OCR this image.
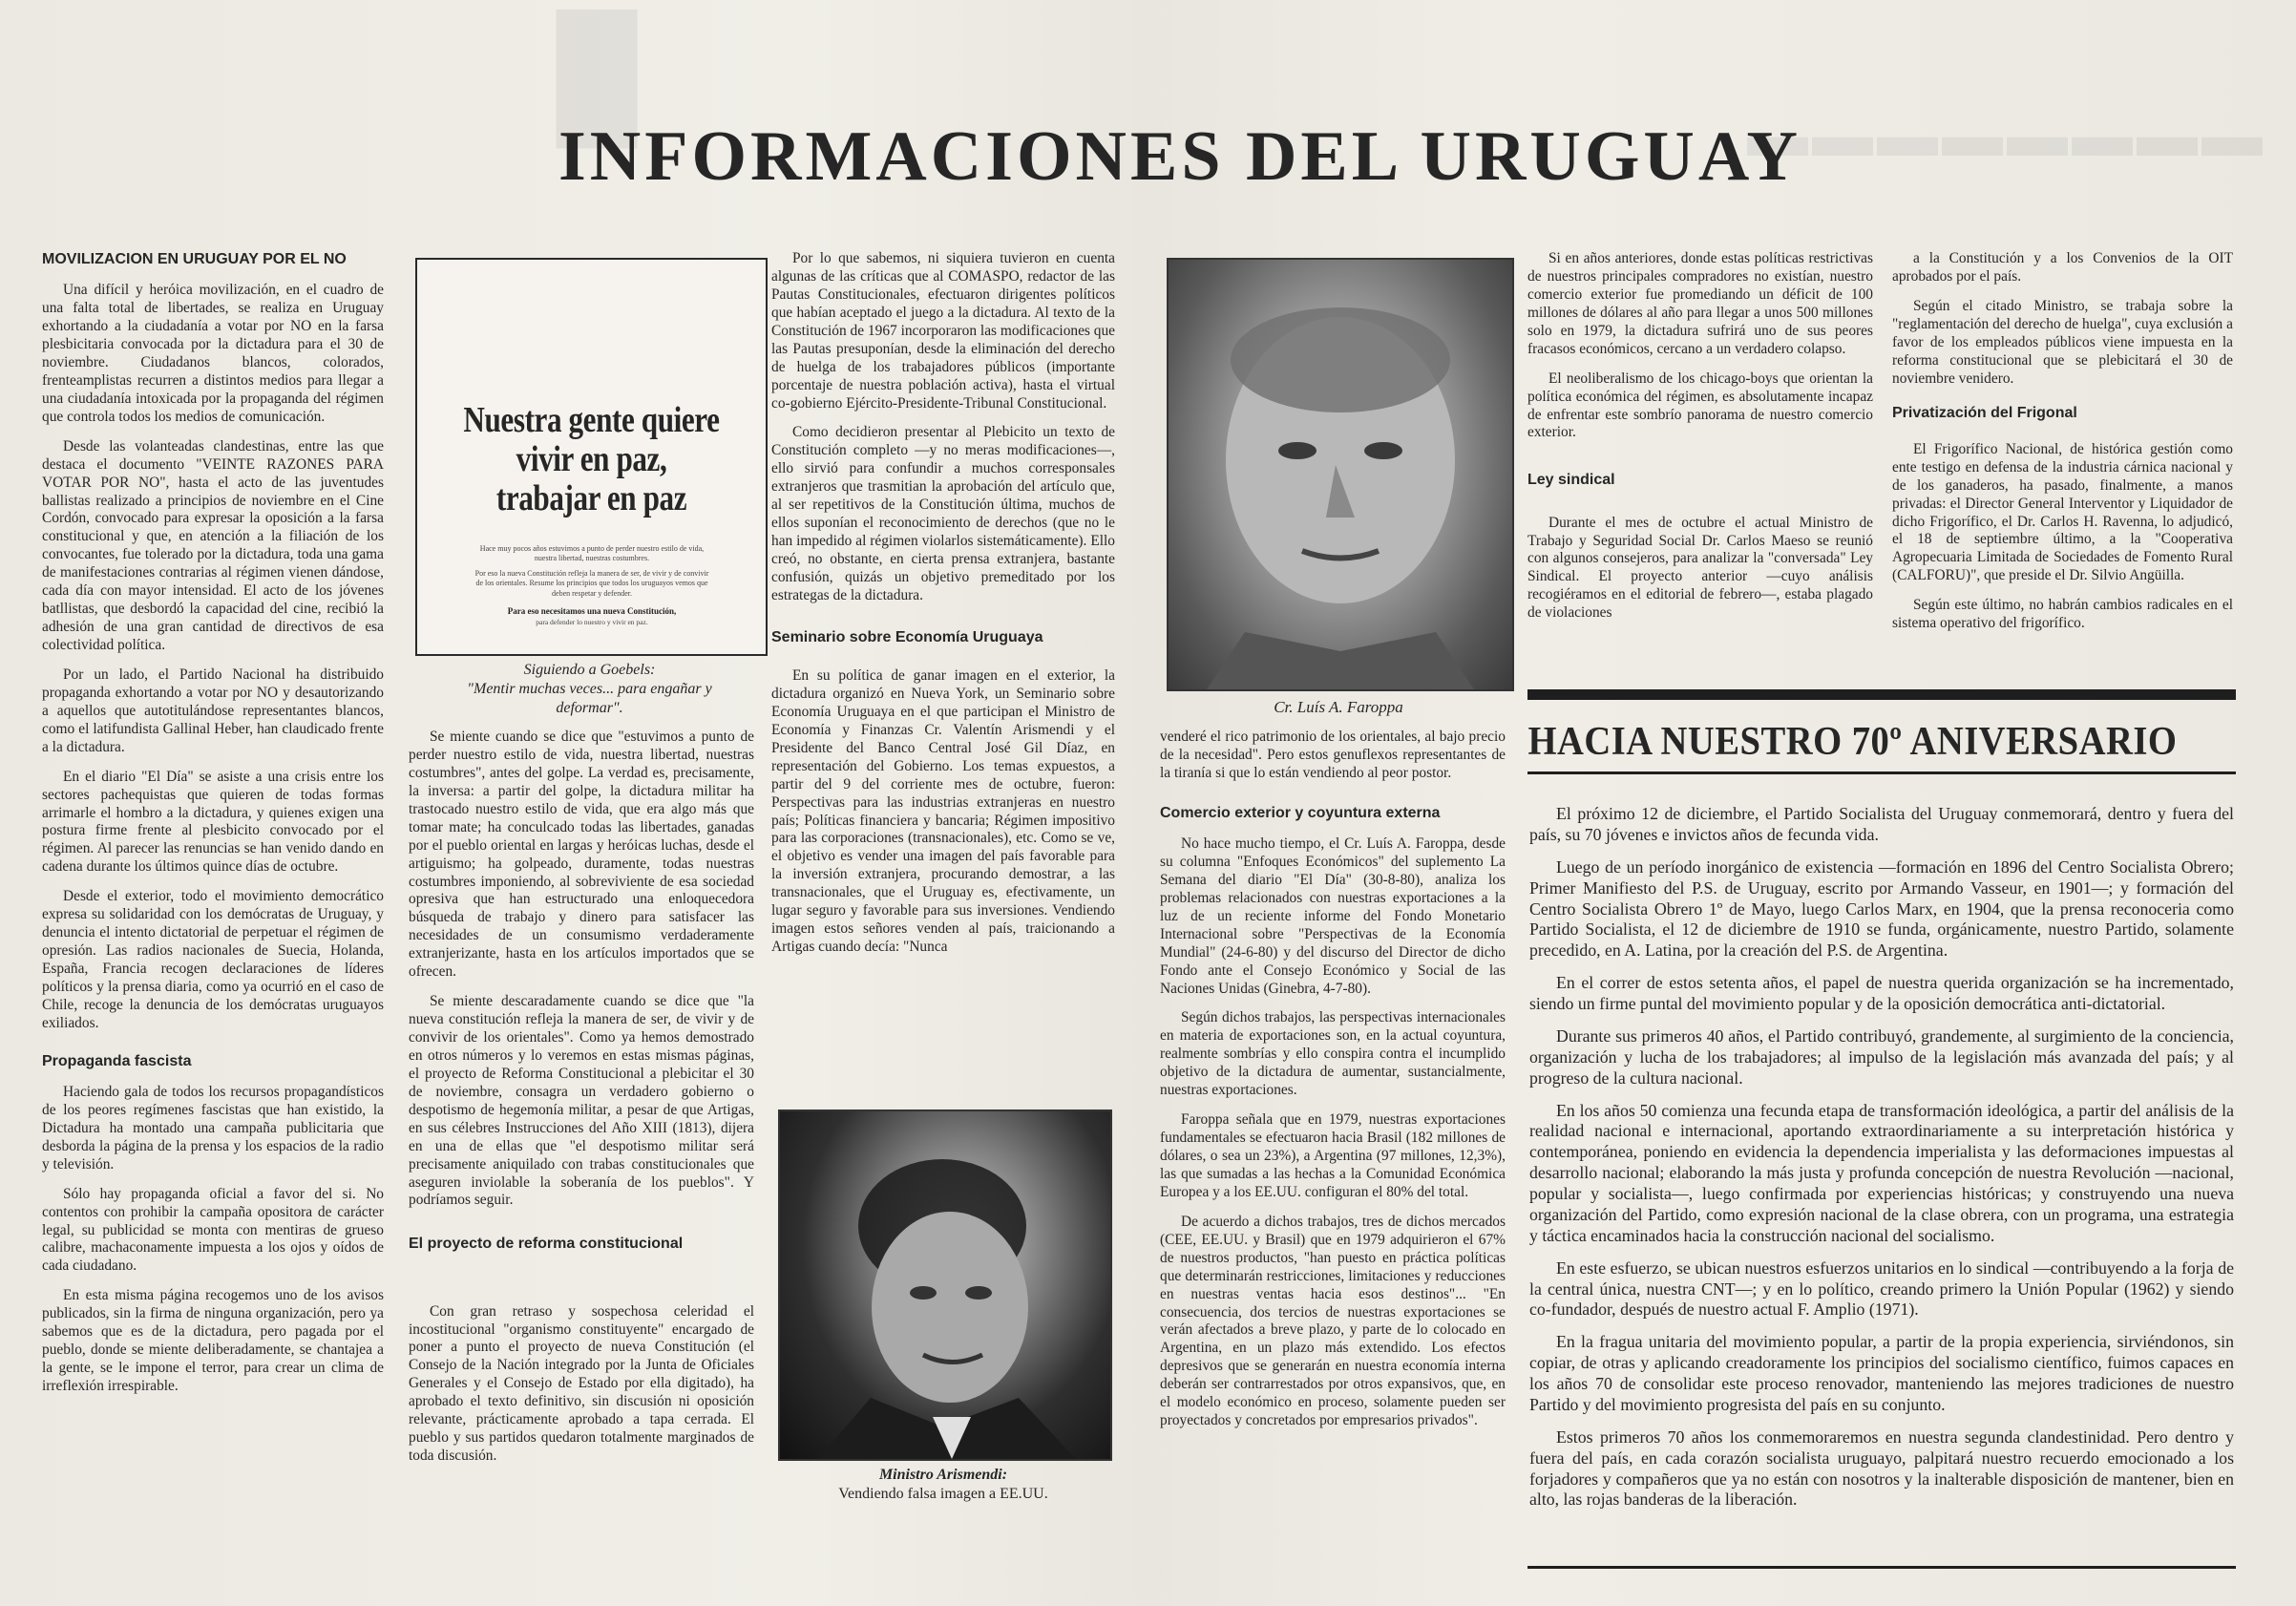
▐▌	▬▬▬▬▬▬▬▬
INFORMACIONES DEL URUGUAY
MOVILIZACION EN URUGUAY POR EL NO

Una difícil y heróica movilización, en el cuadro de una falta total de libertades, se realiza en Uruguay exhortando a la ciudadanía a votar por NO en la farsa plesbicitaria convocada por la dictadura para el 30 de noviembre. Ciudadanos blancos, colorados, frenteamplistas recurren a distintos medios para llegar a una ciudadanía intoxicada por la propaganda del régimen que controla todos los medios de comunicación.

Desde las volanteadas clandestinas, entre las que destaca el documento "VEINTE RAZONES PARA VOTAR POR NO", hasta el acto de las juventudes ballistas realizado a principios de noviembre en el Cine Cordón, convocado para expresar la oposición a la farsa constitucional y que, en atención a la filiación de los convocantes, fue tolerado por la dictadura, toda una gama de manifestaciones contrarias al régimen vienen dándose, cada día con mayor intensidad. El acto de los jóvenes batllistas, que desbordó la capacidad del cine, recibió la adhesión de una gran cantidad de directivos de esa colectividad política.

Por un lado, el Partido Nacional ha distribuido propaganda exhortando a votar por NO y desautorizando a aquellos que autotitulándose representantes blancos, como el latifundista Gallinal Heber, han claudicado frente a la dictadura.

En el diario "El Día" se asiste a una crisis entre los sectores pachequistas que quieren de todas formas arrimarle el hombro a la dictadura, y quienes exigen una postura firme frente al plesbicito convocado por el régimen. Al parecer las renuncias se han venido dando en cadena durante los últimos quince días de octubre.

Desde el exterior, todo el movimiento democrático expresa su solidaridad con los demócratas de Uruguay, y denuncia el intento dictatorial de perpetuar el régimen de opresión. Las radios nacionales de Suecia, Holanda, España, Francia recogen declaraciones de líderes políticos y la prensa diaria, como ya ocurrió en el caso de Chile, recoge la denuncia de los demócratas uruguayos exiliados.

Propaganda fascista

Haciendo gala de todos los recursos propagandísticos de los peores regímenes fascistas que han existido, la Dictadura ha montado una campaña publicitaria que desborda la página de la prensa y los espacios de la radio y televisión.

Sólo hay propaganda oficial a favor del si. No contentos con prohibir la campaña opositora de carácter legal, su publicidad se monta con mentiras de grueso calibre, machaconamente impuesta a los ojos y oídos de cada ciudadano.

En esta misma página recogemos uno de los avisos publicados, sin la firma de ninguna organización, pero ya sabemos que es de la dictadura, pero pagada por el pueblo, donde se miente deliberadamente, se chantajea a la gente, se le impone el terror, para crear un clima de irreflexión irrespirable.

Nuestra gente quiere
vivir en paz,
trabajar en paz

Hace muy pocos años estuvimos a punto de perder nuestro estilo de vida, nuestra libertad, nuestras costumbres.

Por eso la nueva Constitución refleja la manera de ser, de vivir y de convivir de los orientales. Resume los principios que todos los uruguayos vemos que deben respetar y defender.

Para eso necesitamos una nueva Constitución,
para defender lo nuestro y vivir en paz.
Siguiendo a Goebels:
"Mentir muchas veces... para engañar y deformar".

Se miente cuando se dice que "estuvimos a punto de perder nuestro estilo de vida, nuestra libertad, nuestras costumbres", antes del golpe. La verdad es, precisamente, la inversa: a partir del golpe, la dictadura militar ha trastocado nuestro estilo de vida, que era algo más que tomar mate; ha conculcado todas las libertades, ganadas por el pueblo oriental en largas y heróicas luchas, desde el artiguismo; ha golpeado, duramente, todas nuestras costumbres imponiendo, al sobreviviente de esa sociedad opresiva que han estructurado una enloquecedora búsqueda de trabajo y dinero para satisfacer las necesidades de un consumismo verdaderamente extranjerizante, hasta en los artículos importados que se ofrecen.

Se miente descaradamente cuando se dice que "la nueva constitución refleja la manera de ser, de vivir y de convivir de los orientales". Como ya hemos demostrado en otros números y lo veremos en estas mismas páginas, el proyecto de Reforma Constitucional a plebicitar el 30 de noviembre, consagra un verdadero gobierno o despotismo de hegemonía militar, a pesar de que Artigas, en sus célebres Instrucciones del Año XIII (1813), dijera en una de ellas que "el despotismo militar será precisamente aniquilado con trabas constitucionales que aseguren inviolable la soberanía de los pueblos". Y podríamos seguir.

El proyecto de reforma constitucional

Con gran retraso y sospechosa celeridad el incostitucional "organismo constituyente" encargado de poner a punto el proyecto de nueva Constitución (el Consejo de la Nación integrado por la Junta de Oficiales Generales y el Consejo de Estado por ella digitado), ha aprobado el texto definitivo, sin discusión ni oposición relevante, prácticamente aprobado a tapa cerrada. El pueblo y sus partidos quedaron totalmente marginados de toda discusión.

Por lo que sabemos, ni siquiera tuvieron en cuenta algunas de las críticas que al COMASPO, redactor de las Pautas Constitucionales, efectuaron dirigentes políticos que habían aceptado el juego a la dictadura. Al texto de la Constitución de 1967 incorporaron las modificaciones que las Pautas presuponían, desde la eliminación del derecho de huelga de los trabajadores públicos (importante porcentaje de nuestra población activa), hasta el virtual co-gobierno Ejército-Presidente-Tribunal Constitucional.

Como decidieron presentar al Plebicito un texto de Constitución completo —y no meras modificaciones—, ello sirvió para confundir a muchos corresponsales extranjeros que trasmitian la aprobación del artículo que, al ser repetitivos de la Constitución última, muchos de ellos suponían el reconocimiento de derechos (que no le han impedido al régimen violarlos sistemáticamente). Ello creó, no obstante, en cierta prensa extranjera, bastante confusión, quizás un objetivo premeditado por los estrategas de la dictadura.

Seminario sobre Economía Uruguaya

En su política de ganar imagen en el exterior, la dictadura organizó en Nueva York, un Seminario sobre Economía Uruguaya en el que participan el Ministro de Economía y Finanzas Cr. Valentín Arismendi y el Presidente del Banco Central José Gil Díaz, en representación del Gobierno. Los temas expuestos, a partir del 9 del corriente mes de octubre, fueron: Perspectivas para las industrias extranjeras en nuestro país; Políticas financiera y bancaria; Régimen impositivo para las corporaciones (transnacionales), etc. Como se ve, el objetivo es vender una imagen del país favorable para la inversión extranjera, procurando demostrar, a las transnacionales, que el Uruguay es, efectivamente, un lugar seguro y favorable para sus inversiones. Vendiendo imagen estos señores venden al país, traicionando a Artigas cuando decía: "Nunca

Ministro Arismendi:
Vendiendo falsa imagen a EE.UU.
Cr. Luís A. Faroppa

venderé el rico patrimonio de los orientales, al bajo precio de la necesidad". Pero estos genuflexos representantes de la tiranía si que lo están vendiendo al peor postor.

Comercio exterior y coyuntura externa

No hace mucho tiempo, el Cr. Luís A. Faroppa, desde su columna "Enfoques Económicos" del suplemento La Semana del diario "El Día" (30-8-80), analiza los problemas relacionados con nuestras exportaciones a la luz de un reciente informe del Fondo Monetario Internacional sobre "Perspectivas de la Economía Mundial" (24-6-80) y del discurso del Director de dicho Fondo ante el Consejo Económico y Social de las Naciones Unidas (Ginebra, 4-7-80).

Según dichos trabajos, las perspectivas internacionales en materia de exportaciones son, en la actual coyuntura, realmente sombrías y ello conspira contra el incumplido objetivo de la dictadura de aumentar, sustancialmente, nuestras exportaciones.

Faroppa señala que en 1979, nuestras exportaciones fundamentales se efectuaron hacia Brasil (182 millones de dólares, o sea un 23%), a Argentina (97 millones, 12,3%), las que sumadas a las hechas a la Comunidad Económica Europea y a los EE.UU. configuran el 80% del total.

De acuerdo a dichos trabajos, tres de dichos mercados (CEE, EE.UU. y Brasil) que en 1979 adquirieron el 67% de nuestros productos, "han puesto en práctica políticas que determinarán restricciones, limitaciones y reducciones en nuestras ventas hacia esos destinos"... "En consecuencia, dos tercios de nuestras exportaciones se verán afectados a breve plazo, y parte de lo colocado en Argentina, en un plazo más extendido. Los efectos depresivos que se generarán en nuestra economía interna deberán ser contrarrestados por otros expansivos, que, en el modelo económico en proceso, solamente pueden ser proyectados y concretados por empresarios privados".

Si en años anteriores, donde estas políticas restrictivas de nuestros principales compradores no existían, nuestro comercio exterior fue promediando un déficit de 100 millones de dólares al año para llegar a unos 500 millones solo en 1979, la dictadura sufrirá uno de sus peores fracasos económicos, cercano a un verdadero colapso.

El neoliberalismo de los chicago-boys que orientan la política económica del régimen, es absolutamente incapaz de enfrentar este sombrío panorama de nuestro comercio exterior.

Ley sindical

Durante el mes de octubre el actual Ministro de Trabajo y Seguridad Social Dr. Carlos Maeso se reunió con algunos consejeros, para analizar la "conversada" Ley Sindical. El proyecto anterior —cuyo análisis recogiéramos en el editorial de febrero—, estaba plagado de violaciones

a la Constitución y a los Convenios de la OIT aprobados por el país.

Según el citado Ministro, se trabaja sobre la "reglamentación del derecho de huelga", cuya exclusión a favor de los empleados públicos viene impuesta en la reforma constitucional que se plebicitará el 30 de noviembre venidero.

Privatización del Frigonal

El Frigorífico Nacional, de histórica gestión como ente testigo en defensa de la industria cárnica nacional y de los ganaderos, ha pasado, finalmente, a manos privadas: el Director General Interventor y Liquidador de dicho Frigorífico, el Dr. Carlos H. Ravenna, lo adjudicó, el 18 de septiembre último, a la "Cooperativa Agropecuaria Limitada de Sociedades de Fomento Rural (CALFORU)", que preside el Dr. Silvio Angüilla.

Según este último, no habrán cambios radicales en el sistema operativo del frigorífico.

HACIA NUESTRO 70º ANIVERSARIO

El próximo 12 de diciembre, el Partido Socialista del Uruguay conmemorará, dentro y fuera del país, su 70 jóvenes e invictos años de fecunda vida.

Luego de un período inorgánico de existencia —formación en 1896 del Centro Socialista Obrero; Primer Manifiesto del P.S. de Uruguay, escrito por Armando Vasseur, en 1901—; y formación del Centro Socialista Obrero 1º de Mayo, luego Carlos Marx, en 1904, que la prensa reconoceria como Partido Socialista, el 12 de diciembre de 1910 se funda, orgánicamente, nuestro Partido, solamente precedido, en A. Latina, por la creación del P.S. de Argentina.

En el correr de estos setenta años, el papel de nuestra querida organización se ha incrementado, siendo un firme puntal del movimiento popular y de la oposición democrática anti-dictatorial.

Durante sus primeros 40 años, el Partido contribuyó, grandemente, al surgimiento de la conciencia, organización y lucha de los trabajadores; al impulso de la legislación más avanzada del país; y al progreso de la cultura nacional.

En los años 50 comienza una fecunda etapa de transformación ideológica, a partir del análisis de la realidad nacional e internacional, aportando extraordinariamente a su interpretación histórica y contemporánea, poniendo en evidencia la dependencia imperialista y las deformaciones impuestas al desarrollo nacional; elaborando la más justa y profunda concepción de nuestra Revolución —nacional, popular y socialista—, luego confirmada por experiencias históricas; y construyendo una nueva organización del Partido, como expresión nacional de la clase obrera, con un programa, una estrategia y táctica encaminados hacia la construcción nacional del socialismo.

En este esfuerzo, se ubican nuestros esfuerzos unitarios en lo sindical —contribuyendo a la forja de la central única, nuestra CNT—; y en lo político, creando primero la Unión Popular (1962) y siendo co-fundador, después de nuestro actual F. Amplio (1971).

En la fragua unitaria del movimiento popular, a partir de la propia experiencia, sirviéndonos, sin copiar, de otras y aplicando creadoramente los principios del socialismo científico, fuimos capaces en los años 70 de consolidar este proceso renovador, manteniendo las mejores tradiciones de nuestro Partido y del movimiento progresista del país en su conjunto.

Estos primeros 70 años los conmemoraremos en nuestra segunda clandestinidad. Pero dentro y fuera del país, en cada corazón socialista uruguayo, palpitará nuestro recuerdo emocionado a los forjadores y compañeros que ya no están con nosotros y la inalterable disposición de mantener, bien en alto, las rojas banderas de la liberación.
